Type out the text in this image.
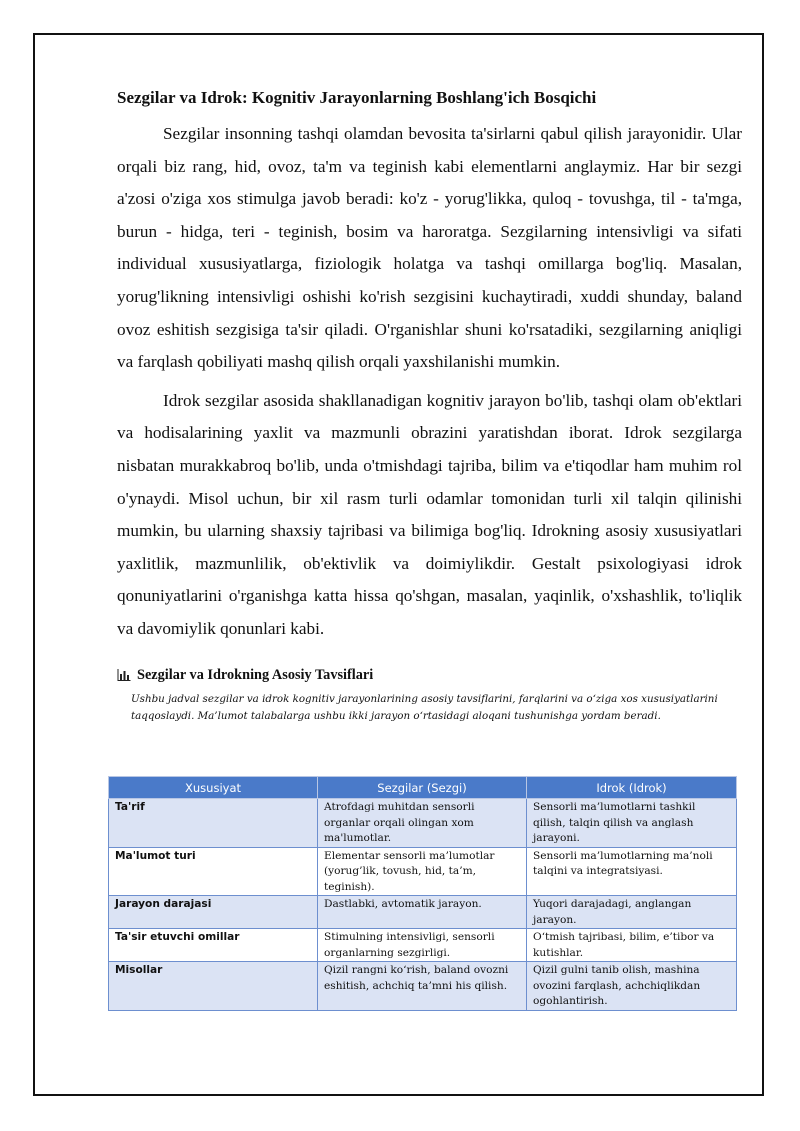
Sezgilar va Idrok: Kognitiv Jarayonlarning Boshlang'ich Bosqichi

Sezgilar insonning tashqi olamdan bevosita ta'sirlarni qabul qilish jarayonidir. Ular orqali biz rang, hid, ovoz, ta'm va teginish kabi elementlarni anglaymiz. Har bir sezgi a'zosi o'ziga xos stimulga javob beradi: ko'z - yorug'likka, quloq - tovushga, til - ta'mga, burun - hidga, teri - teginish, bosim va haroratga. Sezgilarning intensivligi va sifati individual xususiyatlarga, fiziologik holatga va tashqi omillarga bog'liq. Masalan, yorug'likning intensivligi oshishi ko'rish sezgisini kuchaytiradi, xuddi shunday, baland ovoz eshitish sezgisiga ta'sir qiladi. O'rganishlar shuni ko'rsatadiki, sezgilarning aniqligi va farqlash qobiliyati mashq qilish orqali yaxshilanishi mumkin.

Idrok sezgilar asosida shakllanadigan kognitiv jarayon bo'lib, tashqi olam ob'ektlari va hodisalarining yaxlit va mazmunli obrazini yaratishdan iborat. Idrok sezgilarga nisbatan murakkabroq bo'lib, unda o'tmishdagi tajriba, bilim va e'tiqodlar ham muhim rol o'ynaydi. Misol uchun, bir xil rasm turli odamlar tomonidan turli xil talqin qilinishi mumkin, bu ularning shaxsiy tajribasi va bilimiga bog'liq. Idrokning asosiy xususiyatlari yaxlitlik, mazmunlilik, ob'ektivlik va doimiylikdir. Gestalt psixologiyasi idrok qonuniyatlarini o'rganishga katta hissa qo'shgan, masalan, yaqinlik, o'xshashlik, to'liqlik va davomiylik qonunlari kabi.

Sezgilar va Idrokning Asosiy Tavsiflari
Ushbu jadval sezgilar va idrok kognitiv jarayonlarining asosiy tavsiflarini, farqlarini va o‘ziga xos xususiyatlarini taqqoslaydi. Ma’lumot talabalarga ushbu ikki jarayon o‘rtasidagi aloqani tushunishga yordam beradi.
Xususiyat	Sezgilar (Sezgi)	Idrok (Idrok)
Ta'rif	Atrofdagi muhitdan sensorli organlar orqali olingan xom ma'lumotlar.	Sensorli ma’lumotlarni tashkil qilish, talqin qilish va anglash jarayoni.
Ma'lumot turi	Elementar sensorli ma’lumotlar (yorug’lik, tovush, hid, ta’m, teginish).	Sensorli ma’lumotlarning ma’noli talqini va integratsiyasi.
Jarayon darajasi	Dastlabki, avtomatik jarayon.	Yuqori darajadagi, anglangan jarayon.
Ta'sir etuvchi omillar	Stimulning intensivligi, sensorli organlarning sezgirligi.	O‘tmish tajribasi, bilim, e’tibor va kutishlar.
Misollar	Qizil rangni ko‘rish, baland ovozni eshitish, achchiq ta’mni his qilish.	Qizil gulni tanib olish, mashina ovozini farqlash, achchiqlikdan ogohlantirish.
